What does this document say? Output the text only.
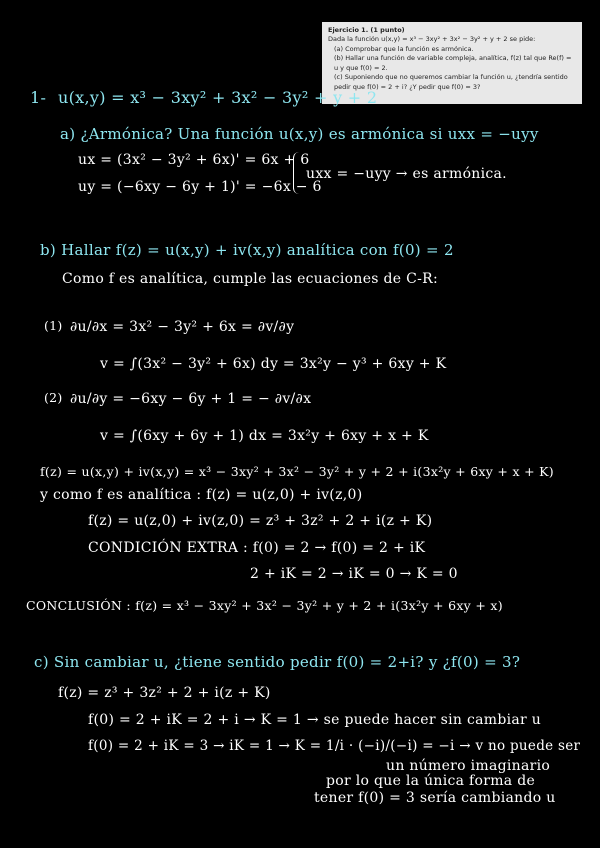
Ejercicio 1. (1 punto)
Dada la función u(x,y) = x³ − 3xy² + 3x² − 3y² + y + 2 se pide:
(a) Comprobar que la función es armónica.
(b) Hallar una función de variable compleja, analítica, f(z) tal que Re(f) = u y que f(0) = 2.
(c) Suponiendo que no queremos cambiar la función u, ¿tendría sentido pedir que f(0) = 2 + i? ¿Y pedir que f(0) = 3?
1- u(x,y) = x³ − 3xy² + 3x² − 3y² + y + 2
a) ¿Armónica? Una función u(x,y) es armónica si uxx = −uyy
ux = (3x² − 3y² + 6x)' = 6x + 6
uy = (−6xy − 6y + 1)' = −6x − 6
uxx = −uyy → es armónica.
b) Hallar f(z) = u(x,y) + iv(x,y) analítica con f(0) = 2
Como f es analítica, cumple las ecuaciones de C-R:
(1) ∂u/∂x = 3x² − 3y² + 6x = ∂v/∂y
v = ∫(3x² − 3y² + 6x) dy = 3x²y − y³ + 6xy + K
(2) ∂u/∂y = −6xy − 6y + 1 = − ∂v/∂x
v = ∫(6xy + 6y + 1) dx = 3x²y + 6xy + x + K
f(z) = u(x,y) + iv(x,y) = x³ − 3xy² + 3x² − 3y² + y + 2 + i(3x²y + 6xy + x + K)
y como f es analítica : f(z) = u(z,0) + iv(z,0)
f(z) = u(z,0) + iv(z,0) = z³ + 3z² + 2 + i(z + K)
CONDICIÓN EXTRA : f(0) = 2 → f(0) = 2 + iK
2 + iK = 2 → iK = 0 → K = 0
CONCLUSIÓN : f(z) = x³ − 3xy² + 3x² − 3y² + y + 2 + i(3x²y + 6xy + x)
c) Sin cambiar u, ¿tiene sentido pedir f(0) = 2+i? y ¿f(0) = 3?
f(z) = z³ + 3z² + 2 + i(z + K)
f(0) = 2 + iK = 2 + i → K = 1 → se puede hacer sin cambiar u
f(0) = 2 + iK = 3 → iK = 1 → K = 1/i · (−i)/(−i) = −i → v no puede ser
un número imaginario
por lo que la única forma de
tener f(0) = 3 sería cambiando u
